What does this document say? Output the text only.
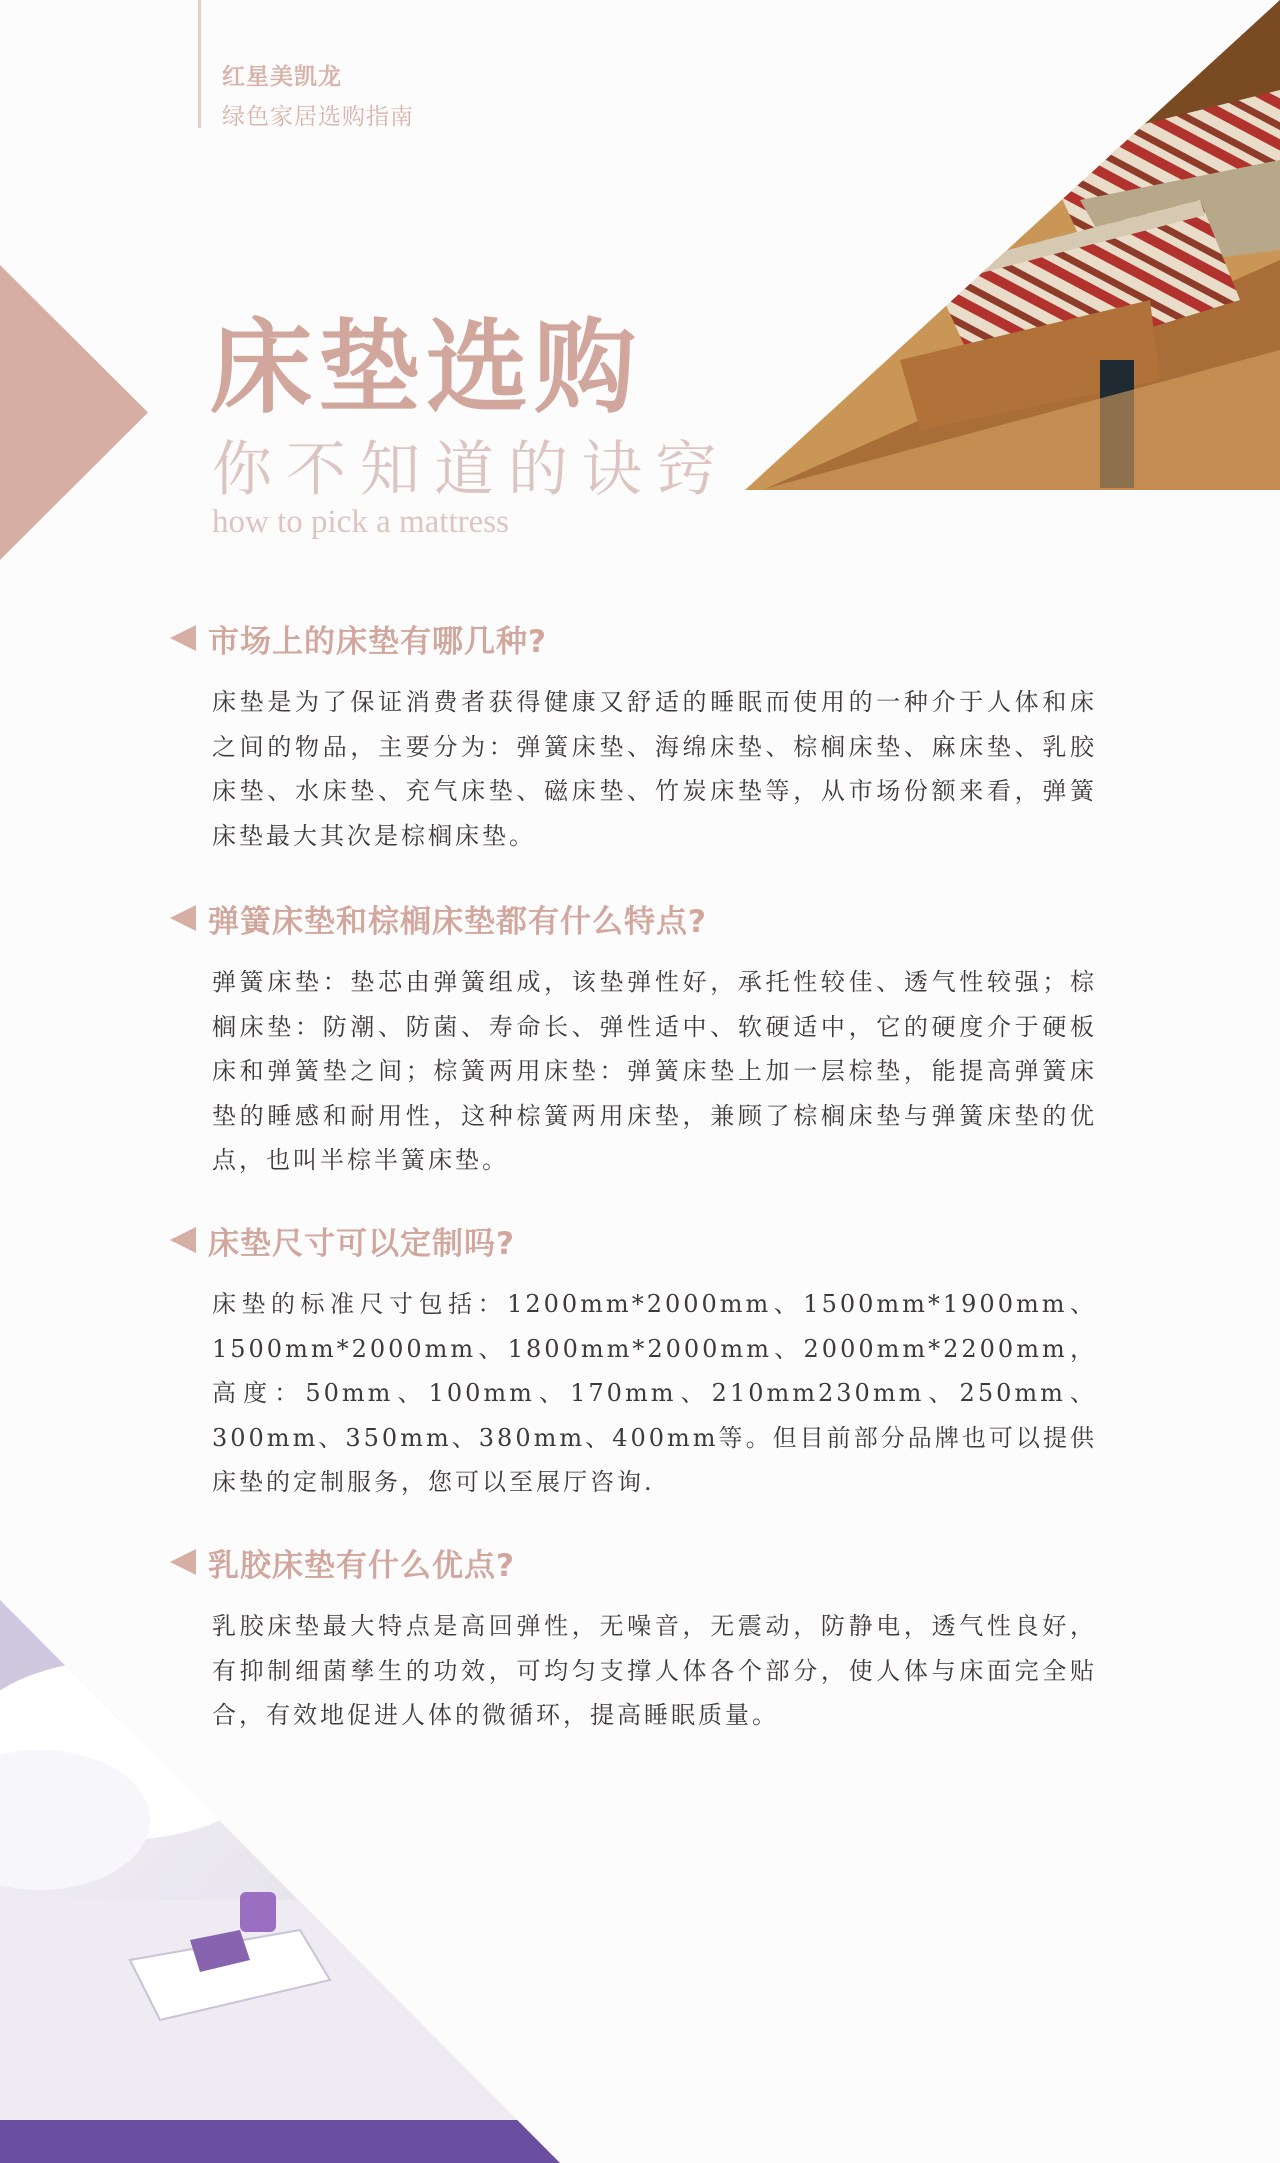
红星美凯龙
绿色家居选购指南
床垫选购
你不知道的诀窍
how to pick a mattress
市场上的床垫有哪几种?
床垫是为了保证消费者获得健康又舒适的睡眠而使用的一种介于人体和床之间的物品，主要分为：弹簧床垫、海绵床垫、棕榈床垫、麻床垫、乳胶床垫、水床垫、充气床垫、磁床垫、竹炭床垫等，从市场份额来看，弹簧床垫最大其次是棕榈床垫。
弹簧床垫和棕榈床垫都有什么特点?
弹簧床垫：垫芯由弹簧组成，该垫弹性好，承托性较佳、透气性较强；棕榈床垫：防潮、防菌、寿命长、弹性适中、软硬适中，它的硬度介于硬板床和弹簧垫之间；棕簧两用床垫：弹簧床垫上加一层棕垫，能提高弹簧床垫的睡感和耐用性，这种棕簧两用床垫，兼顾了棕榈床垫与弹簧床垫的优点，也叫半棕半簧床垫。
床垫尺寸可以定制吗?
床垫的标准尺寸包括：1200mm*2000mm、1500mm*1900mm、1500mm*2000mm、1800mm*2000mm、2000mm*2200mm，高度：50mm、100mm、170mm、210mm230mm、250mm、300mm、350mm、380mm、400mm等。但目前部分品牌也可以提供床垫的定制服务，您可以至展厅咨询.
乳胶床垫有什么优点?
乳胶床垫最大特点是高回弹性，无噪音，无震动，防静电，透气性良好，有抑制细菌孳生的功效，可均匀支撑人体各个部分，使人体与床面完全贴合，有效地促进人体的微循环，提高睡眠质量。
